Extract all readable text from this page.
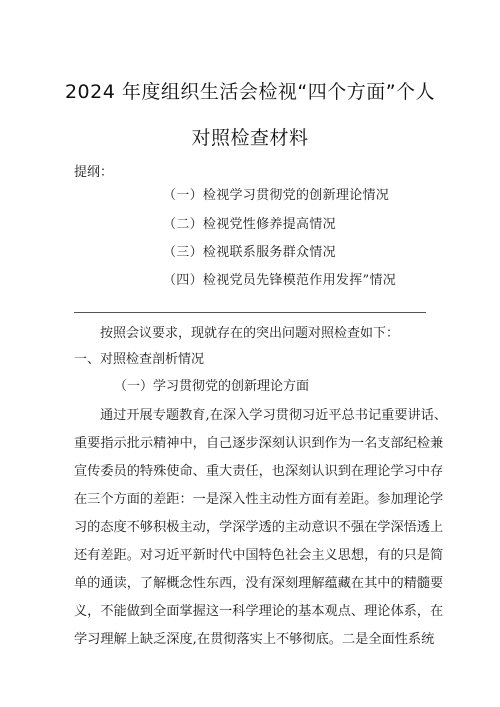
2024 年度组织生活会检视“四个方面”个人
对照检查材料
提纲：
（一）检视学习贯彻党的创新理论情况
（二）检视党性修养提高情况
（三）检视联系服务群众情况
（四）检视党员先锋模范作用发挥”情况
按照会议要求，现就存在的突出问题对照检查如下：
一、对照检查剖析情况
（一）学习贯彻党的创新理论方面
通过开展专题教育,在深入学习贯彻习近平总书记重要讲话、
重要指示批示精神中，自己逐步深刻认识到作为一名支部纪检兼
宣传委员的特殊使命、重大责任，也深刻认识到在理论学习中存
在三个方面的差距：一是深入性主动性方面有差距。参加理论学
习的态度不够积极主动，学深学透的主动意识不强在学深悟透上
还有差距。对习近平新时代中国特色社会主义思想，有的只是简
单的通读，了解概念性东西，没有深刻理解蕴藏在其中的精髓要
义，不能做到全面掌握这一科学理论的基本观点、理论体系，在
学习理解上缺乏深度,在贯彻落实上不够彻底。二是全面性系统
